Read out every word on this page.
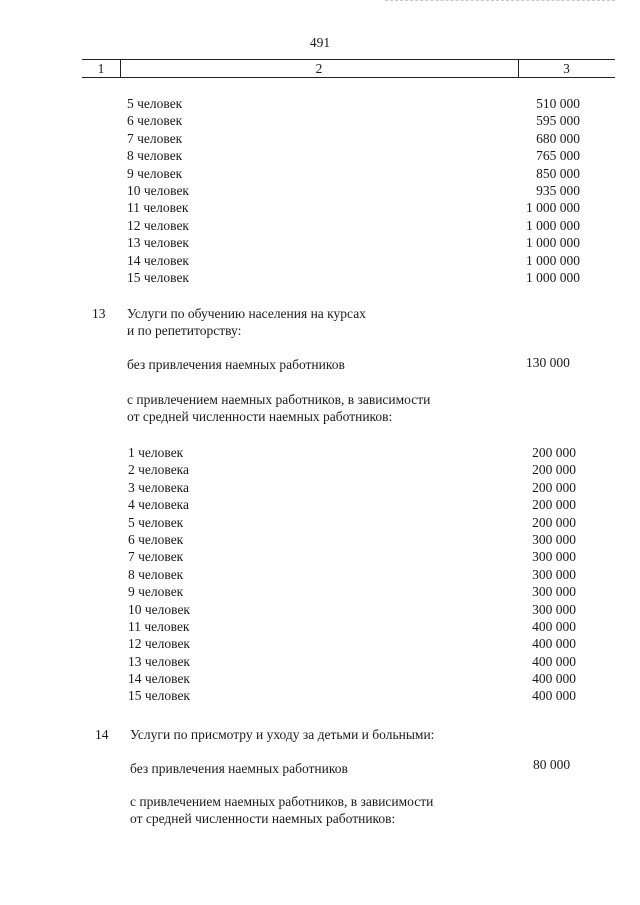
491
1	2	3
5 человек	510 000
6 человек	595 000
7 человек	680 000
8 человек	765 000
9 человек	850 000
10 человек	935 000
11 человек	1 000 000
12 человек	1 000 000
13 человек	1 000 000
14 человек	1 000 000
15 человек	1 000 000
13 Услуги по обучению населения на курсах
и по репетиторству:
без привлечения наемных работников	130 000
с привлечением наемных работников, в зависимости
от средней численности наемных работников:
1 человек	200 000
2 человека	200 000
3 человека	200 000
4 человека	200 000
5 человек	200 000
6 человек	300 000
7 человек	300 000
8 человек	300 000
9 человек	300 000
10 человек	300 000
11 человек	400 000
12 человек	400 000
13 человек	400 000
14 человек	400 000
15 человек	400 000
14 Услуги по присмотру и уходу за детьми и больными:
без привлечения наемных работников	80 000
с привлечением наемных работников, в зависимости
от средней численности наемных работников:
